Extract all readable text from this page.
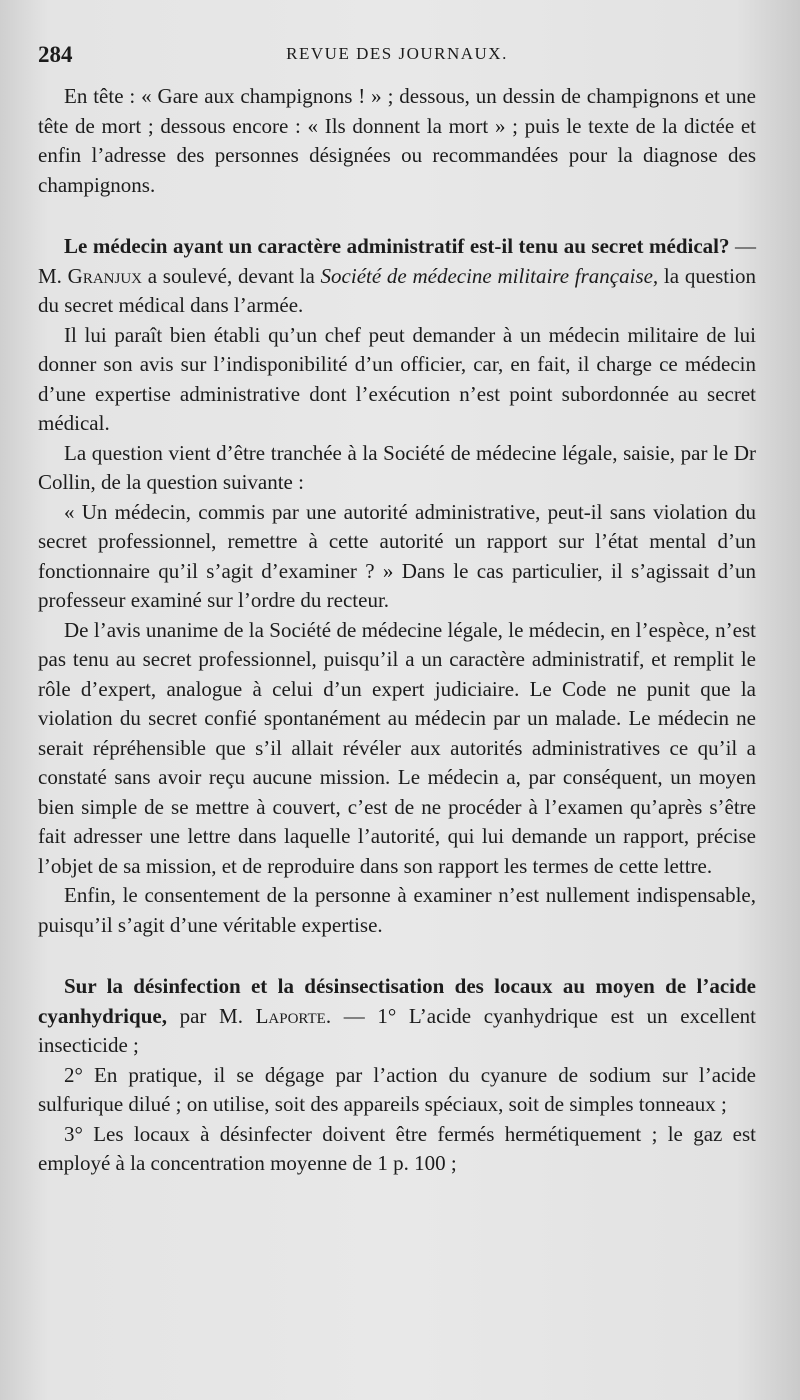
284	REVUE DES JOURNAUX.

En tête : « Gare aux champignons ! » ; dessous, un dessin de champignons et une tête de mort ; dessous encore : « Ils donnent la mort » ; puis le texte de la dictée et enfin l’adresse des personnes désignées ou recommandées pour la diagnose des champignons.

Le médecin ayant un caractère administratif est-il tenu au secret médical? — M. Granjux a soulevé, devant la Société de médecine militaire française, la question du secret médical dans l’armée.

Il lui paraît bien établi qu’un chef peut demander à un médecin militaire de lui donner son avis sur l’indisponibilité d’un officier, car, en fait, il charge ce médecin d’une expertise administrative dont l’exécution n’est point subordonnée au secret médical.

La question vient d’être tranchée à la Société de médecine légale, saisie, par le Dr Collin, de la question suivante :

« Un médecin, commis par une autorité administrative, peut-il sans violation du secret professionnel, remettre à cette autorité un rapport sur l’état mental d’un fonctionnaire qu’il s’agit d’examiner ? » Dans le cas particulier, il s’agissait d’un professeur examiné sur l’ordre du recteur.

De l’avis unanime de la Société de médecine légale, le médecin, en l’espèce, n’est pas tenu au secret professionnel, puisqu’il a un caractère administratif, et remplit le rôle d’expert, analogue à celui d’un expert judiciaire. Le Code ne punit que la violation du secret confié spontanément au médecin par un malade. Le médecin ne serait répréhensible que s’il allait révéler aux autorités administratives ce qu’il a constaté sans avoir reçu aucune mission. Le médecin a, par conséquent, un moyen bien simple de se mettre à couvert, c’est de ne procéder à l’examen qu’après s’être fait adresser une lettre dans laquelle l’autorité, qui lui demande un rapport, précise l’objet de sa mission, et de reproduire dans son rapport les termes de cette lettre.

Enfin, le consentement de la personne à examiner n’est nullement indispensable, puisqu’il s’agit d’une véritable expertise.

Sur la désinfection et la désinsectisation des locaux au moyen de l’acide cyanhydrique, par M. Laporte. — 1° L’acide cyanhydrique est un excellent insecticide ;

2° En pratique, il se dégage par l’action du cyanure de sodium sur l’acide sulfurique dilué ; on utilise, soit des appareils spéciaux, soit de simples tonneaux ;

3° Les locaux à désinfecter doivent être fermés hermétiquement ; le gaz est employé à la concentration moyenne de 1 p. 100 ;
